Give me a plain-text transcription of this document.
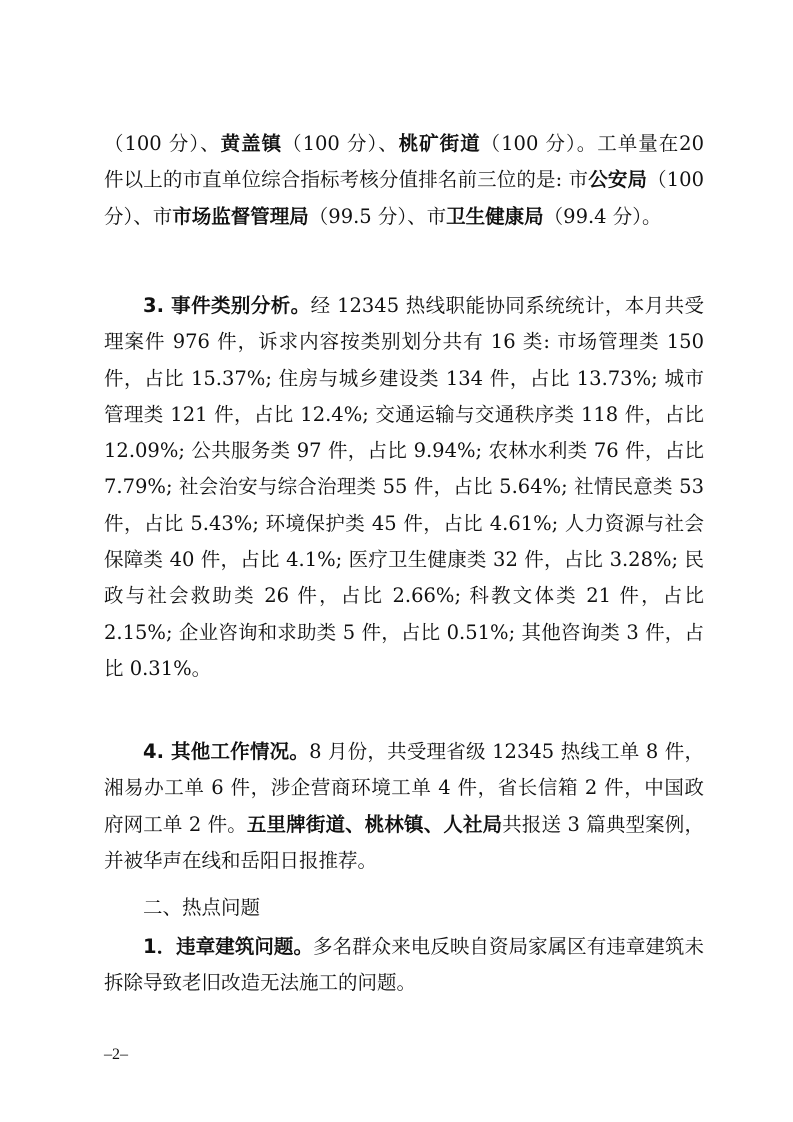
（100 分）、黄盖镇（100 分）、桃矿街道（100 分）。工单量在20 件以上的市直单位综合指标考核分值排名前三位的是: 市公安局（100 分）、市市场监督管理局（99.5 分）、市卫生健康局（99.4 分）。
3. 事件类别分析。经 12345 热线职能协同系统统计，本月共受理案件 976 件，诉求内容按类别划分共有 16 类: 市场管理类 150 件，占比 15.37%; 住房与城乡建设类 134 件，占比 13.73%; 城市管理类 121 件，占比 12.4%; 交通运输与交通秩序类 118 件，占比 12.09%; 公共服务类 97 件，占比 9.94%; 农林水利类 76 件，占比 7.79%; 社会治安与综合治理类 55 件，占比 5.64%; 社情民意类 53 件，占比 5.43%; 环境保护类 45 件，占比 4.61%; 人力资源与社会保障类 40 件，占比 4.1%; 医疗卫生健康类 32 件，占比 3.28%; 民政与社会救助类 26 件，占比 2.66%; 科教文体类 21 件，占比 2.15%; 企业咨询和求助类 5 件，占比 0.51%; 其他咨询类 3 件，占比 0.31%。
4. 其他工作情况。8 月份，共受理省级 12345 热线工单 8 件，湘易办工单 6 件，涉企营商环境工单 4 件，省长信箱 2 件，中国政府网工单 2 件。五里牌街道、桃林镇、人社局共报送 3 篇典型案例，并被华声在线和岳阳日报推荐。
二、热点问题
1．违章建筑问题。多名群众来电反映自资局家属区有违章建筑未拆除导致老旧改造无法施工的问题。
–2–
